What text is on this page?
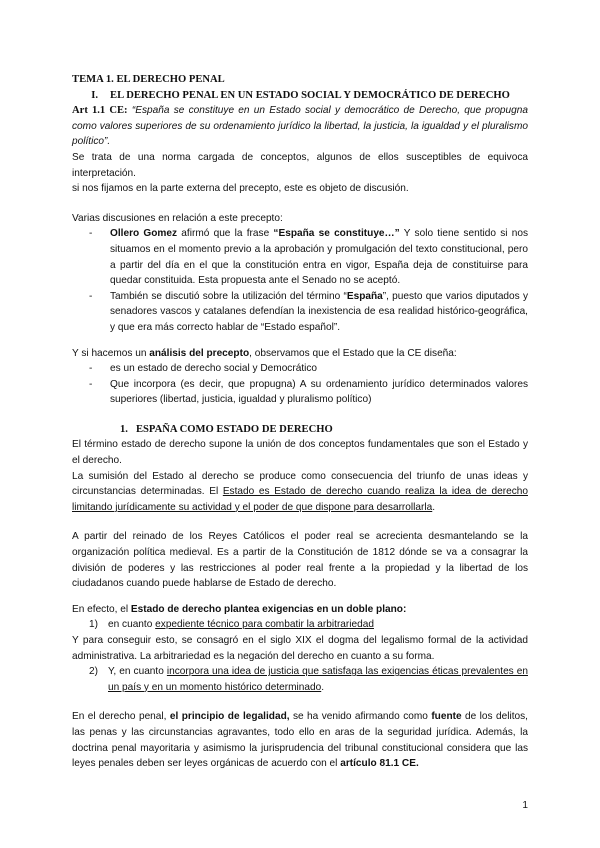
TEMA 1. EL DERECHO PENAL

I.	EL DERECHO PENAL EN UN ESTADO SOCIAL Y DEMOCRÁTICO DE DERECHO

Art 1.1 CE: “España se constituye en un Estado social y democrático de Derecho, que propugna como valores superiores de su ordenamiento jurídico la libertad, la justicia, la igualdad y el pluralismo político”.

Se trata de una norma cargada de conceptos, algunos de ellos susceptibles de equivoca interpretación.

si nos fijamos en la parte externa del precepto, este es objeto de discusión.

Varias discusiones en relación a este precepto:

- Ollero Gomez afirmó que la frase “España se constituye…” Y solo tiene sentido si nos situamos en el momento previo a la aprobación y promulgación del texto constitucional, pero a partir del día en el que la constitución entra en vigor, España deja de constituirse para quedar constituida. Esta propuesta ante el Senado no se aceptó.
- También se discutió sobre la utilización del término “España”, puesto que varios diputados y senadores vascos y catalanes defendían la inexistencia de esa realidad histórico-geográfica, y que era más correcto hablar de “Estado español”.

Y si hacemos un análisis del precepto, observamos que el Estado que la CE diseña:

- es un estado de derecho social y Democrático
- Que incorpora (es decir, que propugna) A su ordenamiento jurídico determinados valores superiores (libertad, justicia, igualdad y pluralismo político)

1. ESPAÑA COMO ESTADO DE DERECHO

El término estado de derecho supone la unión de dos conceptos fundamentales que son el Estado y el derecho.

La sumisión del Estado al derecho se produce como consecuencia del triunfo de unas ideas y circunstancias determinadas. El Estado es Estado de derecho cuando realiza la idea de derecho limitando jurídicamente su actividad y el poder de que dispone para desarrollarla.

A partir del reinado de los Reyes Católicos el poder real se acrecienta desmantelando se la organización política medieval. Es a partir de la Constitución de 1812 dónde se va a consagrar la división de poderes y las restricciones al poder real frente a la propiedad y la libertad de los ciudadanos cuando puede hablarse de Estado de derecho.

En efecto, el Estado de derecho plantea exigencias en un doble plano:

1) en cuanto expediente técnico para combatir la arbitrariedad

Y para conseguir esto, se consagró en el siglo XIX el dogma del legalismo formal de la actividad administrativa. La arbitrariedad es la negación del derecho en cuanto a su forma.

2) Y, en cuanto incorpora una idea de justicia que satisfaga las exigencias éticas prevalentes en un país y en un momento histórico determinado.

En el derecho penal, el principio de legalidad, se ha venido afirmando como fuente de los delitos, las penas y las circunstancias agravantes, todo ello en aras de la seguridad jurídica. Además, la doctrina penal mayoritaria y asimismo la jurisprudencia del tribunal constitucional considera que las leyes penales deben ser leyes orgánicas de acuerdo con el artículo 81.1 CE.

1
